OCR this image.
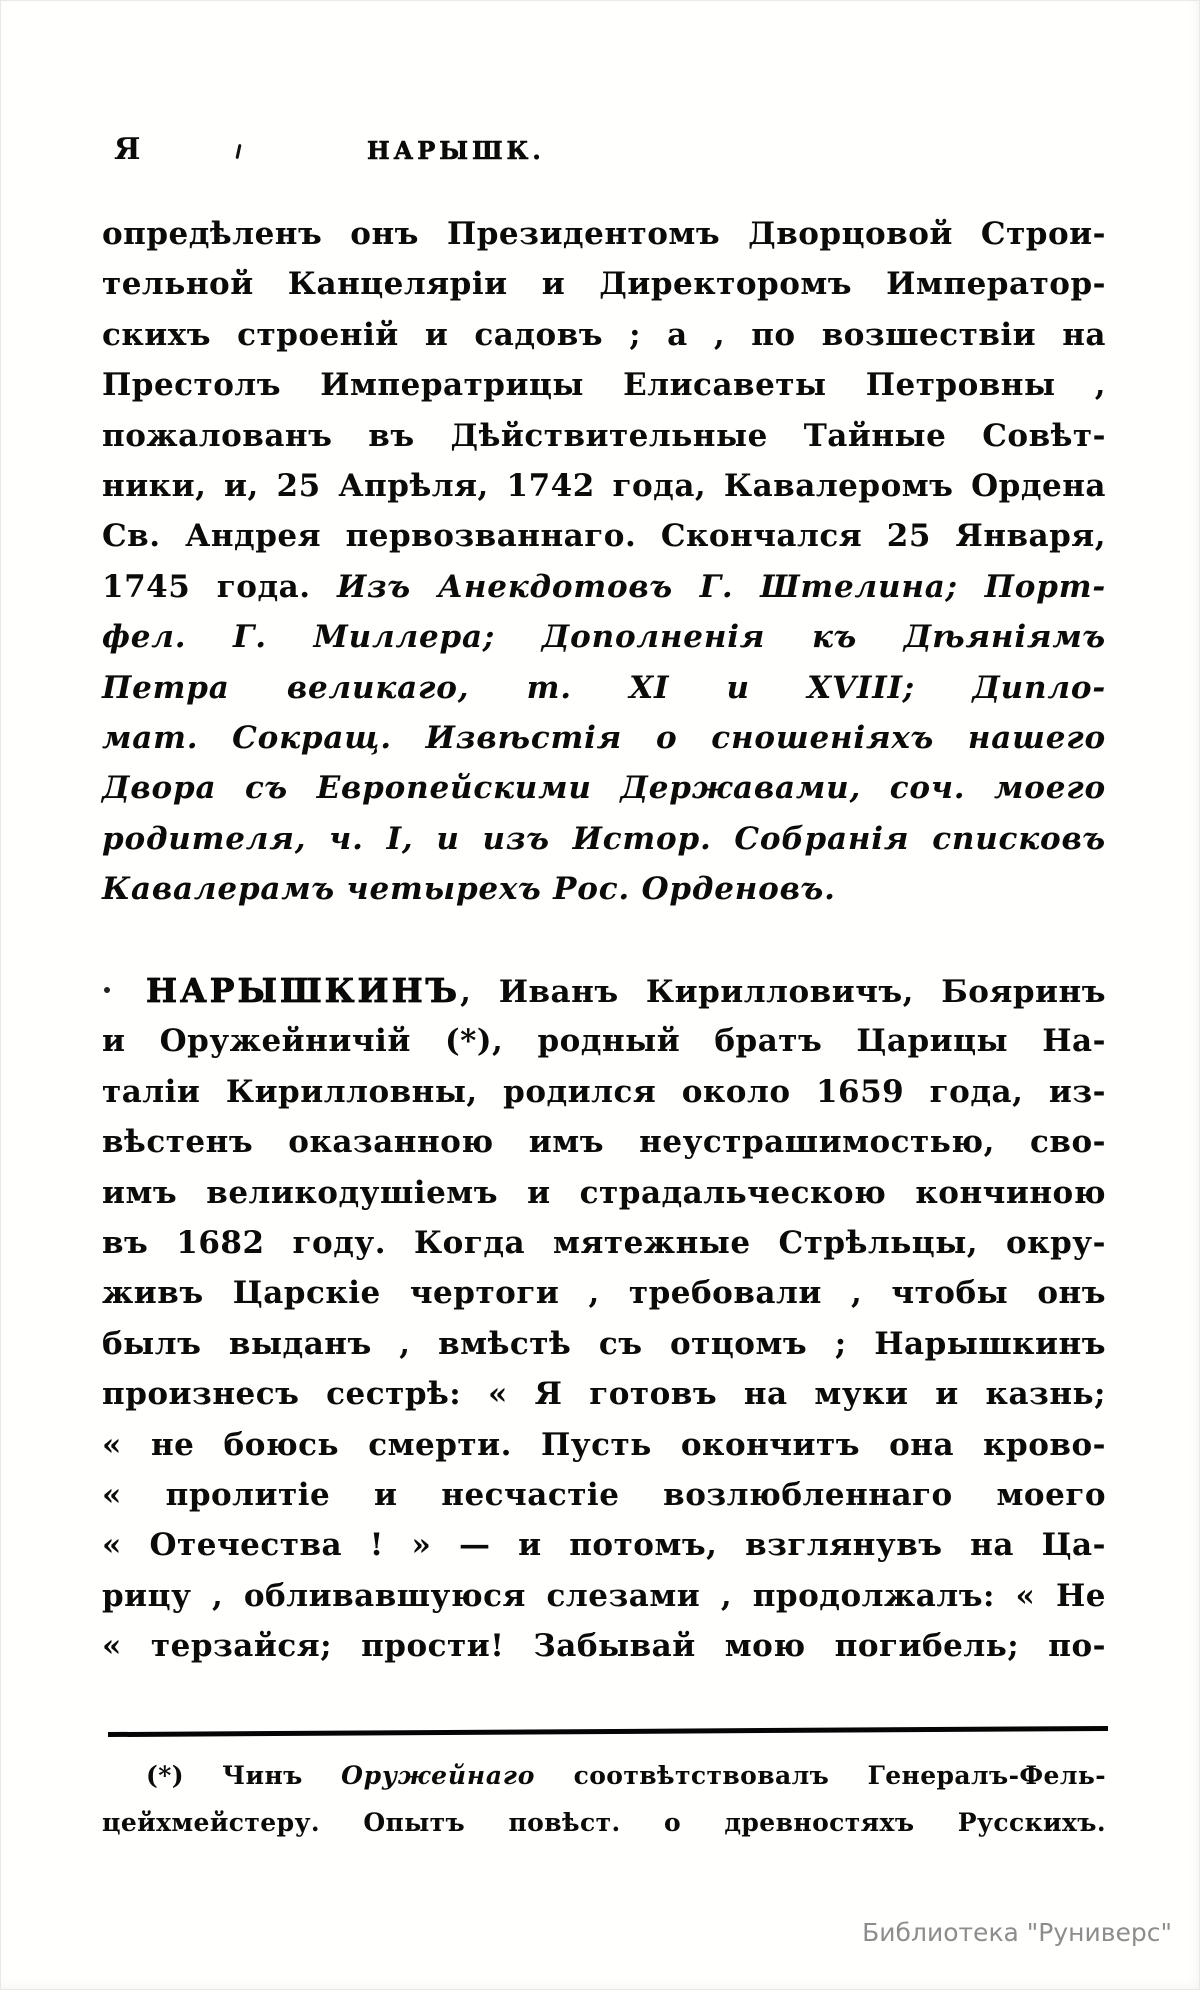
Я	НАРЫШК.
опредѣленъ онъ Президентомъ Дворцовой Строи-
тельной Канцеляріи и Директоромъ Император-
скихъ строеній и садовъ ; а , по возшествіи на
Престолъ Императрицы Елисаветы Петровны ,
пожалованъ въ Дѣйствительные Тайные Совѣт-
ники, и, 25 Апрѣля, 1742 года, Кавалеромъ Ордена
Св. Андрея первозваннаго. Скончался 25 Января,
1745 года. Изъ Анекдотовъ Г. Штелина; Порт-
фел. Г. Миллера; Дополненія къ Дѣяніямъ
Петра великаго, т. XI и XVIII; Дипло-
мат. Сокращ. Извѣстія о сношеніяхъ нашего
Двора съ Европейскими Державами, соч. моего
родителя, ч. I, и изъ Истор. Собранія списковъ
Кавалерамъ четырехъ Рос. Орденовъ.
НАРЫШКИНЪ, Иванъ Кирилловичъ, Бояринъ
и Оружейничій (*), родный братъ Царицы На-
таліи Кирилловны, родился около 1659 года, из-
вѣстенъ оказанною имъ неустрашимостью, сво-
имъ великодушіемъ и страдальческою кончиною
въ 1682 году. Когда мятежные Стрѣльцы, окру-
живъ Царскіе чертоги , требовали , чтобы онъ
былъ выданъ , вмѣстѣ съ отцомъ ; Нарышкинъ
произнесъ сестрѣ: « Я готовъ на муки и казнь;
« не боюсь смерти. Пусть окончитъ она крово-
« пролитіе и несчастіе возлюбленнаго моего
« Отечества ! » — и потомъ, взглянувъ на Ца-
рицу , обливавшуюся слезами , продолжалъ: « Не
« терзайся; прости! Забывай мою погибель; по-
(*) Чинъ Оружейнаго соотвѣтствовалъ Генералъ-Фель-
цейхмейстеру. Опытъ повѣст. о древностяхъ Русскихъ.
Библиотека "Руниверс"
